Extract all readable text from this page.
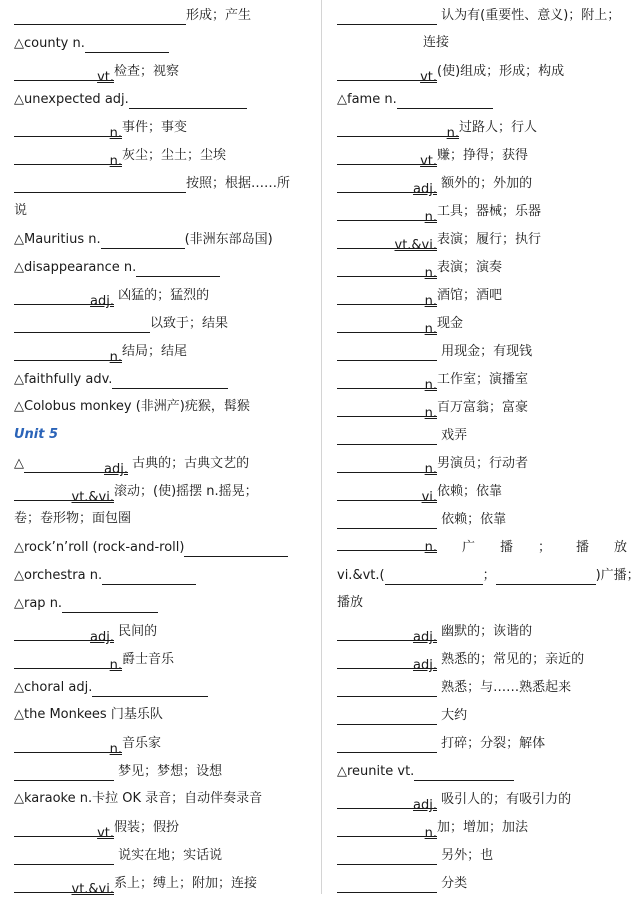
形成；产生
△county n.
vt.检查；视察
△unexpected adj.
n.事件；事变
n.灰尘；尘土；尘埃
按照；根据……所
说
△Mauritius n.	(非洲东部岛国)
△disappearance n.
adj. 凶猛的；猛烈的
以致于；结果
n.结局；结尾
△faithfully adv.
△Colobus monkey (非洲产)疣猴，髯猴
Unit 5
△	adj. 古典的；古典文艺的
vt.&vi.滚动；(使)摇摆 n.摇晃；
卷；卷形物；面包圈
△rock’n’roll (rock-and-roll)
△orchestra n.
△rap n.
adj. 民间的
n.爵士音乐
△choral adj.
△the Monkees 门基乐队
n.音乐家
梦见；梦想；设想
△karaoke n.卡拉 OK 录音；自动伴奏录音
vt.假装；假扮
说实在地；实话说
vt.&vi.系上；缚上；附加；连接
认为有(重要性、意义)；附上；
连接
vt.(使)组成；形成；构成
△fame n.
n.过路人；行人
vt.赚；挣得；获得
adj. 额外的；外加的
n.工具；器械；乐器
vt.&vi.表演；履行；执行
n.表演；演奏
n.酒馆；酒吧
n.现金
用现金；有现钱
n.工作室；演播室
n.百万富翁；富豪
戏弄
n.男演员；行动者
vi.依赖；依靠
依赖；依靠
n. 广 播 ； 播 放
vi.&vt.(	；	)广播；
播放
adj. 幽默的；诙谐的
adj. 熟悉的；常见的；亲近的
熟悉；与……熟悉起来
大约
打碎；分裂；解体
△reunite vt.
adj. 吸引人的；有吸引力的
n.加；增加；加法
另外；也
分类
